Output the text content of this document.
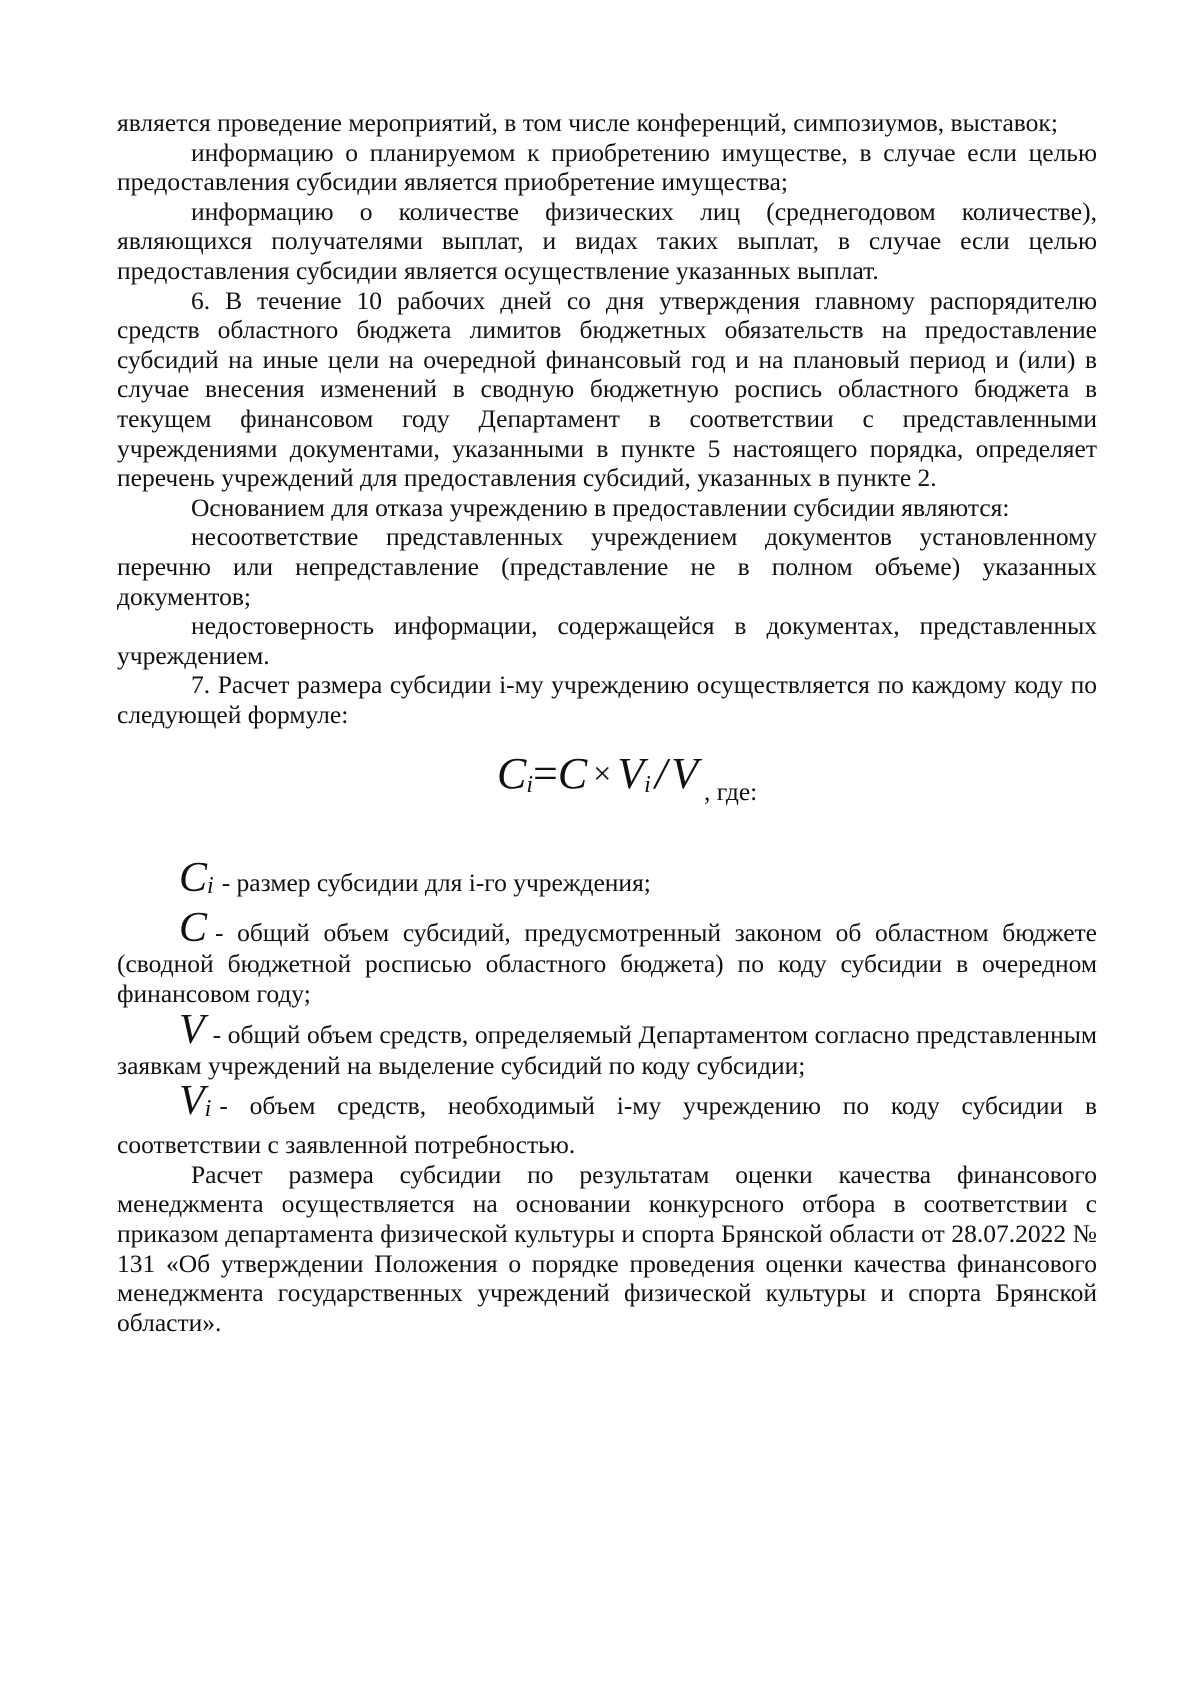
является проведение мероприятий, в том числе конференций, симпозиумов, выставок;

информацию о планируемом к приобретению имуществе, в случае если целью предоставления субсидии является приобретение имущества;

информацию о количестве физических лиц (среднегодовом количестве), являющихся получателями выплат, и видах таких выплат, в случае если целью предоставления субсидии является осуществление указанных выплат.

6. В течение 10 рабочих дней со дня утверждения главному распорядителю средств областного бюджета лимитов бюджетных обязательств на предоставление субсидий на иные цели на очередной финансовый год и на плановый период и (или) в случае внесения изменений в сводную бюджетную роспись областного бюджета в текущем финансовом году Департамент в соответствии с представленными учреждениями документами, указанными в пункте 5 настоящего порядка, определяет перечень учреждений для предоставления субсидий, указанных в пункте 2.

Основанием для отказа учреждению в предоставлении субсидии являются:

несоответствие представленных учреждением документов установленному перечню или непредставление (представление не в полном объеме) указанных документов;

недостоверность информации, содержащейся в документах, представленных учреждением.

7. Расчет размера субсидии і-му учреждению осуществляется по каждому коду по следующей формуле:

$C_i=C \times V_i/V$ $_{, где:}$

$C_i$ - размер субсидии для і-го учреждения;

C - общий объем субсидий, предусмотренный законом об областном бюджете (сводной бюджетной росписью областного бюджета) по коду субсидии в очередном финансовом году;

V - общий объем средств, определяемый Департаментом согласно представленным заявкам учреждений на выделение субсидий по коду субсидии;

$V_i$ - объем средств, необходимый і-му учреждению по коду субсидии в соответствии с заявленной потребностью.

Расчет размера субсидии по результатам оценки качества финансового менеджмента осуществляется на основании конкурсного отбора в соответствии с приказом департамента физической культуры и спорта Брянской области от 28.07.2022 № 131 «Об утверждении Положения о порядке проведения оценки качества финансового менеджмента государственных учреждений физической культуры и спорта Брянской области».
